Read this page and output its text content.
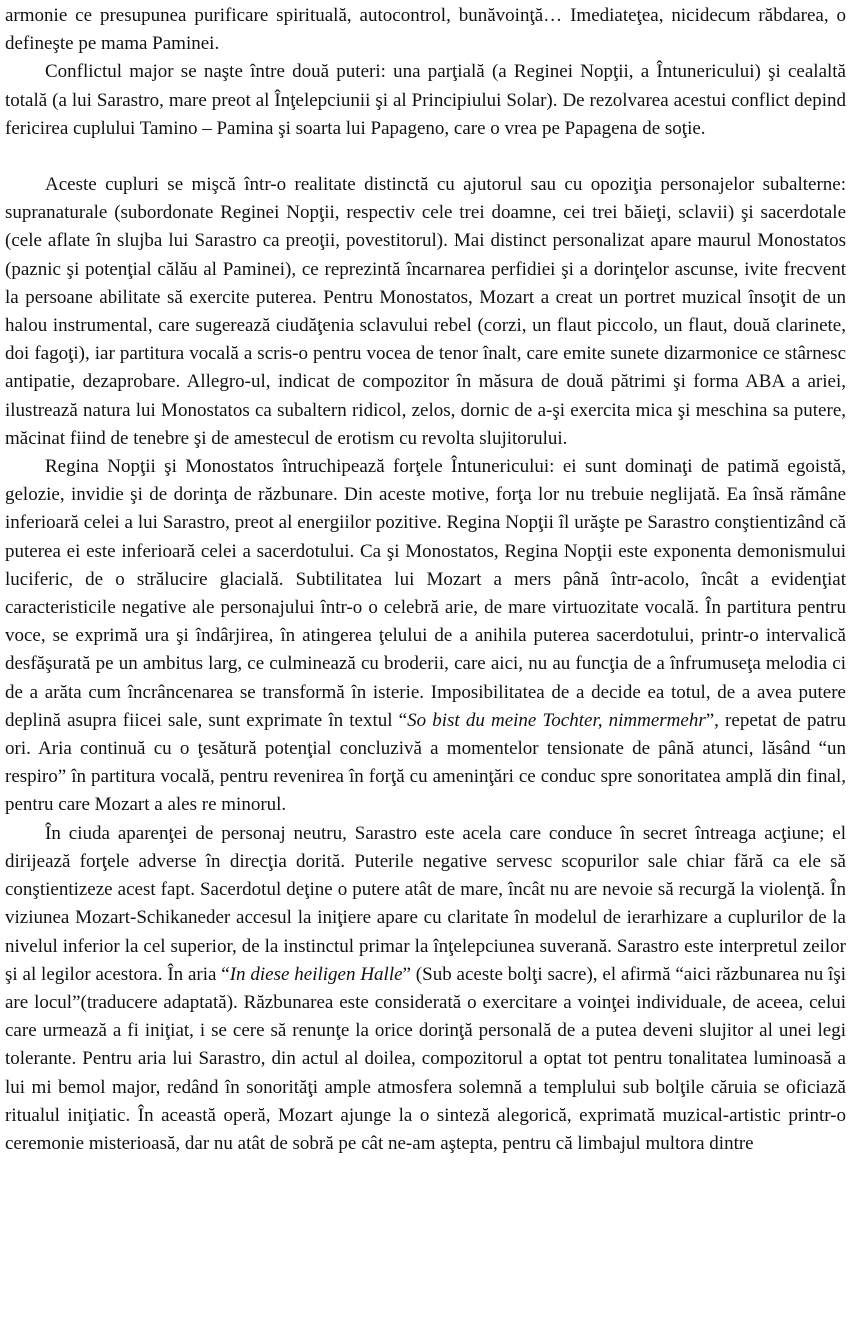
armonie ce presupunea purificare spirituală, autocontrol, bunăvoinţă… Imediateţea, nicidecum răbdarea, o defineşte pe mama Paminei.

Conflictul major se naşte între două puteri: una parţială (a Reginei Nopţii, a Întunericului) şi cealaltă totală (a lui Sarastro, mare preot al Înţelepciunii şi al Principiului Solar). De rezolvarea acestui conflict depind fericirea cuplului Tamino – Pamina şi soarta lui Papageno, care o vrea pe Papagena de soţie.

Aceste cupluri se mişcă într-o realitate distinctă cu ajutorul sau cu opoziţia personajelor subalterne: supranaturale (subordonate Reginei Nopţii, respectiv cele trei doamne, cei trei băieţi, sclavii) şi sacerdotale (cele aflate în slujba lui Sarastro ca preoţii, povestitorul). Mai distinct personalizat apare maurul Monostatos (paznic şi potenţial călău al Paminei), ce reprezintă încarnarea perfidiei şi a dorinţelor ascunse, ivite frecvent la persoane abilitate să exercite puterea. Pentru Monostatos, Mozart a creat un portret muzical însoţit de un halou instrumental, care sugerează ciudăţenia sclavului rebel (corzi, un flaut piccolo, un flaut, două clarinete, doi fagoţi), iar partitura vocală a scris-o pentru vocea de tenor înalt, care emite sunete dizarmonice ce stârnesc antipatie, dezaprobare. Allegro-ul, indicat de compozitor în măsura de două pătrimi şi forma ABA a ariei, ilustrează natura lui Monostatos ca subaltern ridicol, zelos, dornic de a-şi exercita mica şi meschina sa putere, măcinat fiind de tenebre şi de amestecul de erotism cu revolta slujitorului.

Regina Nopţii şi Monostatos întruchipează forţele Întunericului: ei sunt dominaţi de patimă egoistă, gelozie, invidie şi de dorinţa de răzbunare. Din aceste motive, forţa lor nu trebuie neglijată. Ea însă rămâne inferioară celei a lui Sarastro, preot al energiilor pozitive. Regina Nopţii îl urăşte pe Sarastro conştientizând că puterea ei este inferioară celei a sacerdotului. Ca şi Monostatos, Regina Nopţii este exponenta demonismului luciferic, de o strălucire glacială. Subtilitatea lui Mozart a mers până într-acolo, încât a evidenţiat caracteristicile negative ale personajului într-o o celebră arie, de mare virtuozitate vocală. În partitura pentru voce, se exprimă ura şi îndârjirea, în atingerea ţelului de a anihila puterea sacerdotului, printr-o intervalică desfăşurată pe un ambitus larg, ce culminează cu broderii, care aici, nu au funcţia de a înfrumuseţa melodia ci de a arăta cum încrâncenarea se transformă în isterie. Imposibilitatea de a decide ea totul, de a avea putere deplină asupra fiicei sale, sunt exprimate în textul “So bist du meine Tochter, nimmermehr”, repetat de patru ori. Aria continuă cu o ţesătură potenţial concluzivă a momentelor tensionate de până atunci, lăsând “un respiro” în partitura vocală, pentru revenirea în forţă cu ameninţări ce conduc spre sonoritatea amplă din final, pentru care Mozart a ales re minorul.

În ciuda aparenţei de personaj neutru, Sarastro este acela care conduce în secret întreaga acţiune; el dirijează forţele adverse în direcţia dorită. Puterile negative servesc scopurilor sale chiar fără ca ele să conştientizeze acest fapt. Sacerdotul deţine o putere atât de mare, încât nu are nevoie să recurgă la violenţă. În viziunea Mozart-Schikaneder accesul la iniţiere apare cu claritate în modelul de ierarhizare a cuplurilor de la nivelul inferior la cel superior, de la instinctul primar la înţelepciunea suverană. Sarastro este interpretul zeilor şi al legilor acestora. În aria “In diese heiligen Halle” (Sub aceste bolţi sacre), el afirmă “aici răzbunarea nu îşi are locul”(traducere adaptată). Răzbunarea este considerată o exercitare a voinţei individuale, de aceea, celui care urmează a fi iniţiat, i se cere să renunţe la orice dorinţă personală de a putea deveni slujitor al unei legi tolerante. Pentru aria lui Sarastro, din actul al doilea, compozitorul a optat tot pentru tonalitatea luminoasă a lui mi bemol major, redând în sonorităţi ample atmosfera solemnă a templului sub bolţile căruia se oficiază ritualul iniţiatic. În această operă, Mozart ajunge la o sinteză alegorică, exprimată muzical-artistic printr-o ceremonie misterioasă, dar nu atât de sobră pe cât ne-am aştepta, pentru că limbajul multora dintre
